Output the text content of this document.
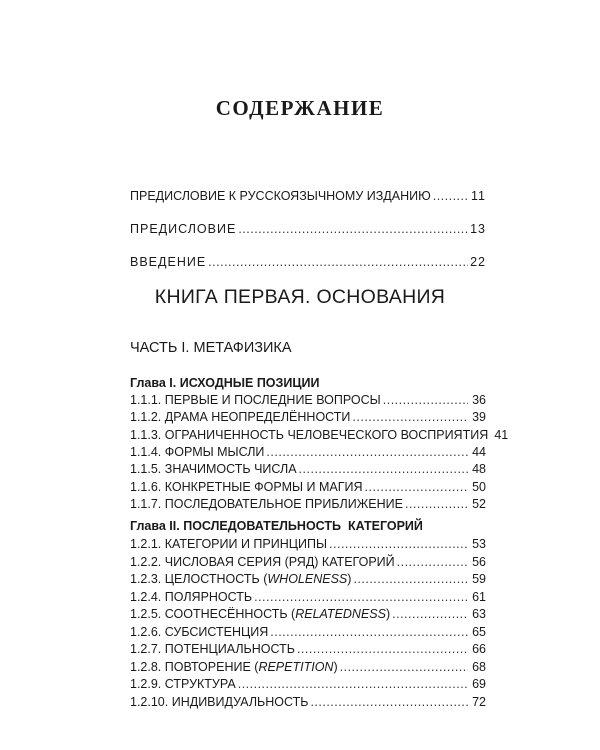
СОДЕРЖАНИЕ
ПРЕДИСЛОВИЕ К РУССКОЯЗЫЧНОМУ ИЗДАНИЮ .....	11
ПРЕДИСЛОВИЕ .....	13
ВВЕДЕНИЕ .....	22
КНИГА ПЕРВАЯ. ОСНОВАНИЯ
ЧАСТЬ I. МЕТАФИЗИКА
Глава I. ИСХОДНЫЕ ПОЗИЦИИ
1.1.1. ПЕРВЫЕ И ПОСЛЕДНИЕ ВОПРОСЫ .....	36
1.1.2. ДРАМА НЕОПРЕДЕЛЁННОСТИ .....	39
1.1.3. ОГРАНИЧЕННОСТЬ ЧЕЛОВЕЧЕСКОГО ВОСПРИЯТИЯ 41
1.1.4. ФОРМЫ МЫСЛИ .....	44
1.1.5. ЗНАЧИМОСТЬ ЧИСЛА .....	48
1.1.6. КОНКРЕТНЫЕ ФОРМЫ И МАГИЯ .....	50
1.1.7. ПОСЛЕДОВАТЕЛЬНОЕ ПРИБЛИЖЕНИЕ .....	52
Глава II. ПОСЛЕДОВАТЕЛЬНОСТЬ  КАТЕГОРИЙ
1.2.1. КАТЕГОРИИ И ПРИНЦИПЫ .....	53
1.2.2. ЧИСЛОВАЯ СЕРИЯ (РЯД) КАТЕГОРИЙ .....	56
1.2.3. ЦЕЛОСТНОСТЬ (WHOLENESS) .....	59
1.2.4. ПОЛЯРНОСТЬ .....	61
1.2.5. СООТНЕСЁННОСТЬ (RELATEDNESS) .....	63
1.2.6. СУБСИСТЕНЦИЯ .....	65
1.2.7. ПОТЕНЦИАЛЬНОСТЬ .....	66
1.2.8. ПОВТОРЕНИЕ (REPETITION) .....	68
1.2.9. СТРУКТУРА .....	69
1.2.10. ИНДИВИДУАЛЬНОСТЬ .....	72
